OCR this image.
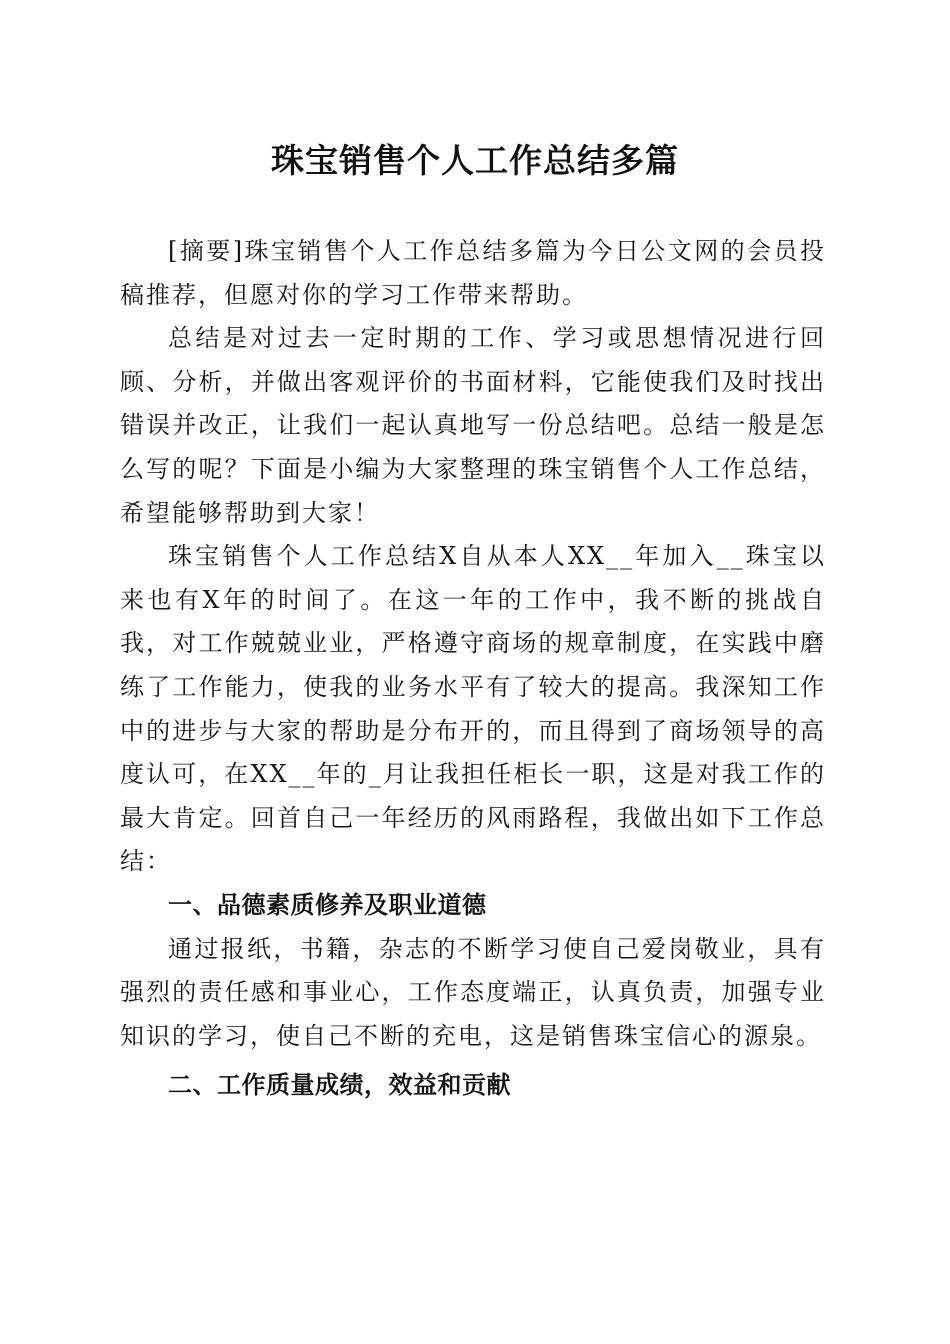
珠宝销售个人工作总结多篇

[摘要]珠宝销售个人工作总结多篇为今日公文网的会员投稿推荐，但愿对你的学习工作带来帮助。

总结是对过去一定时期的工作、学习或思想情况进行回顾、分析，并做出客观评价的书面材料，它能使我们及时找出错误并改正，让我们一起认真地写一份总结吧。总结一般是怎么写的呢？下面是小编为大家整理的珠宝销售个人工作总结，希望能够帮助到大家！

珠宝销售个人工作总结X自从本人XX__年加入__珠宝以来也有X年的时间了。在这一年的工作中，我不断的挑战自我，对工作兢兢业业，严格遵守商场的规章制度，在实践中磨练了工作能力，使我的业务水平有了较大的提高。我深知工作中的进步与大家的帮助是分布开的，而且得到了商场领导的高度认可，在XX__年的_月让我担任柜长一职，这是对我工作的最大肯定。回首自己一年经历的风雨路程，我做出如下工作总结：

一、品德素质修养及职业道德

通过报纸，书籍，杂志的不断学习使自己爱岗敬业，具有强烈的责任感和事业心，工作态度端正，认真负责，加强专业知识的学习，使自己不断的充电，这是销售珠宝信心的源泉。

二、工作质量成绩，效益和贡献
